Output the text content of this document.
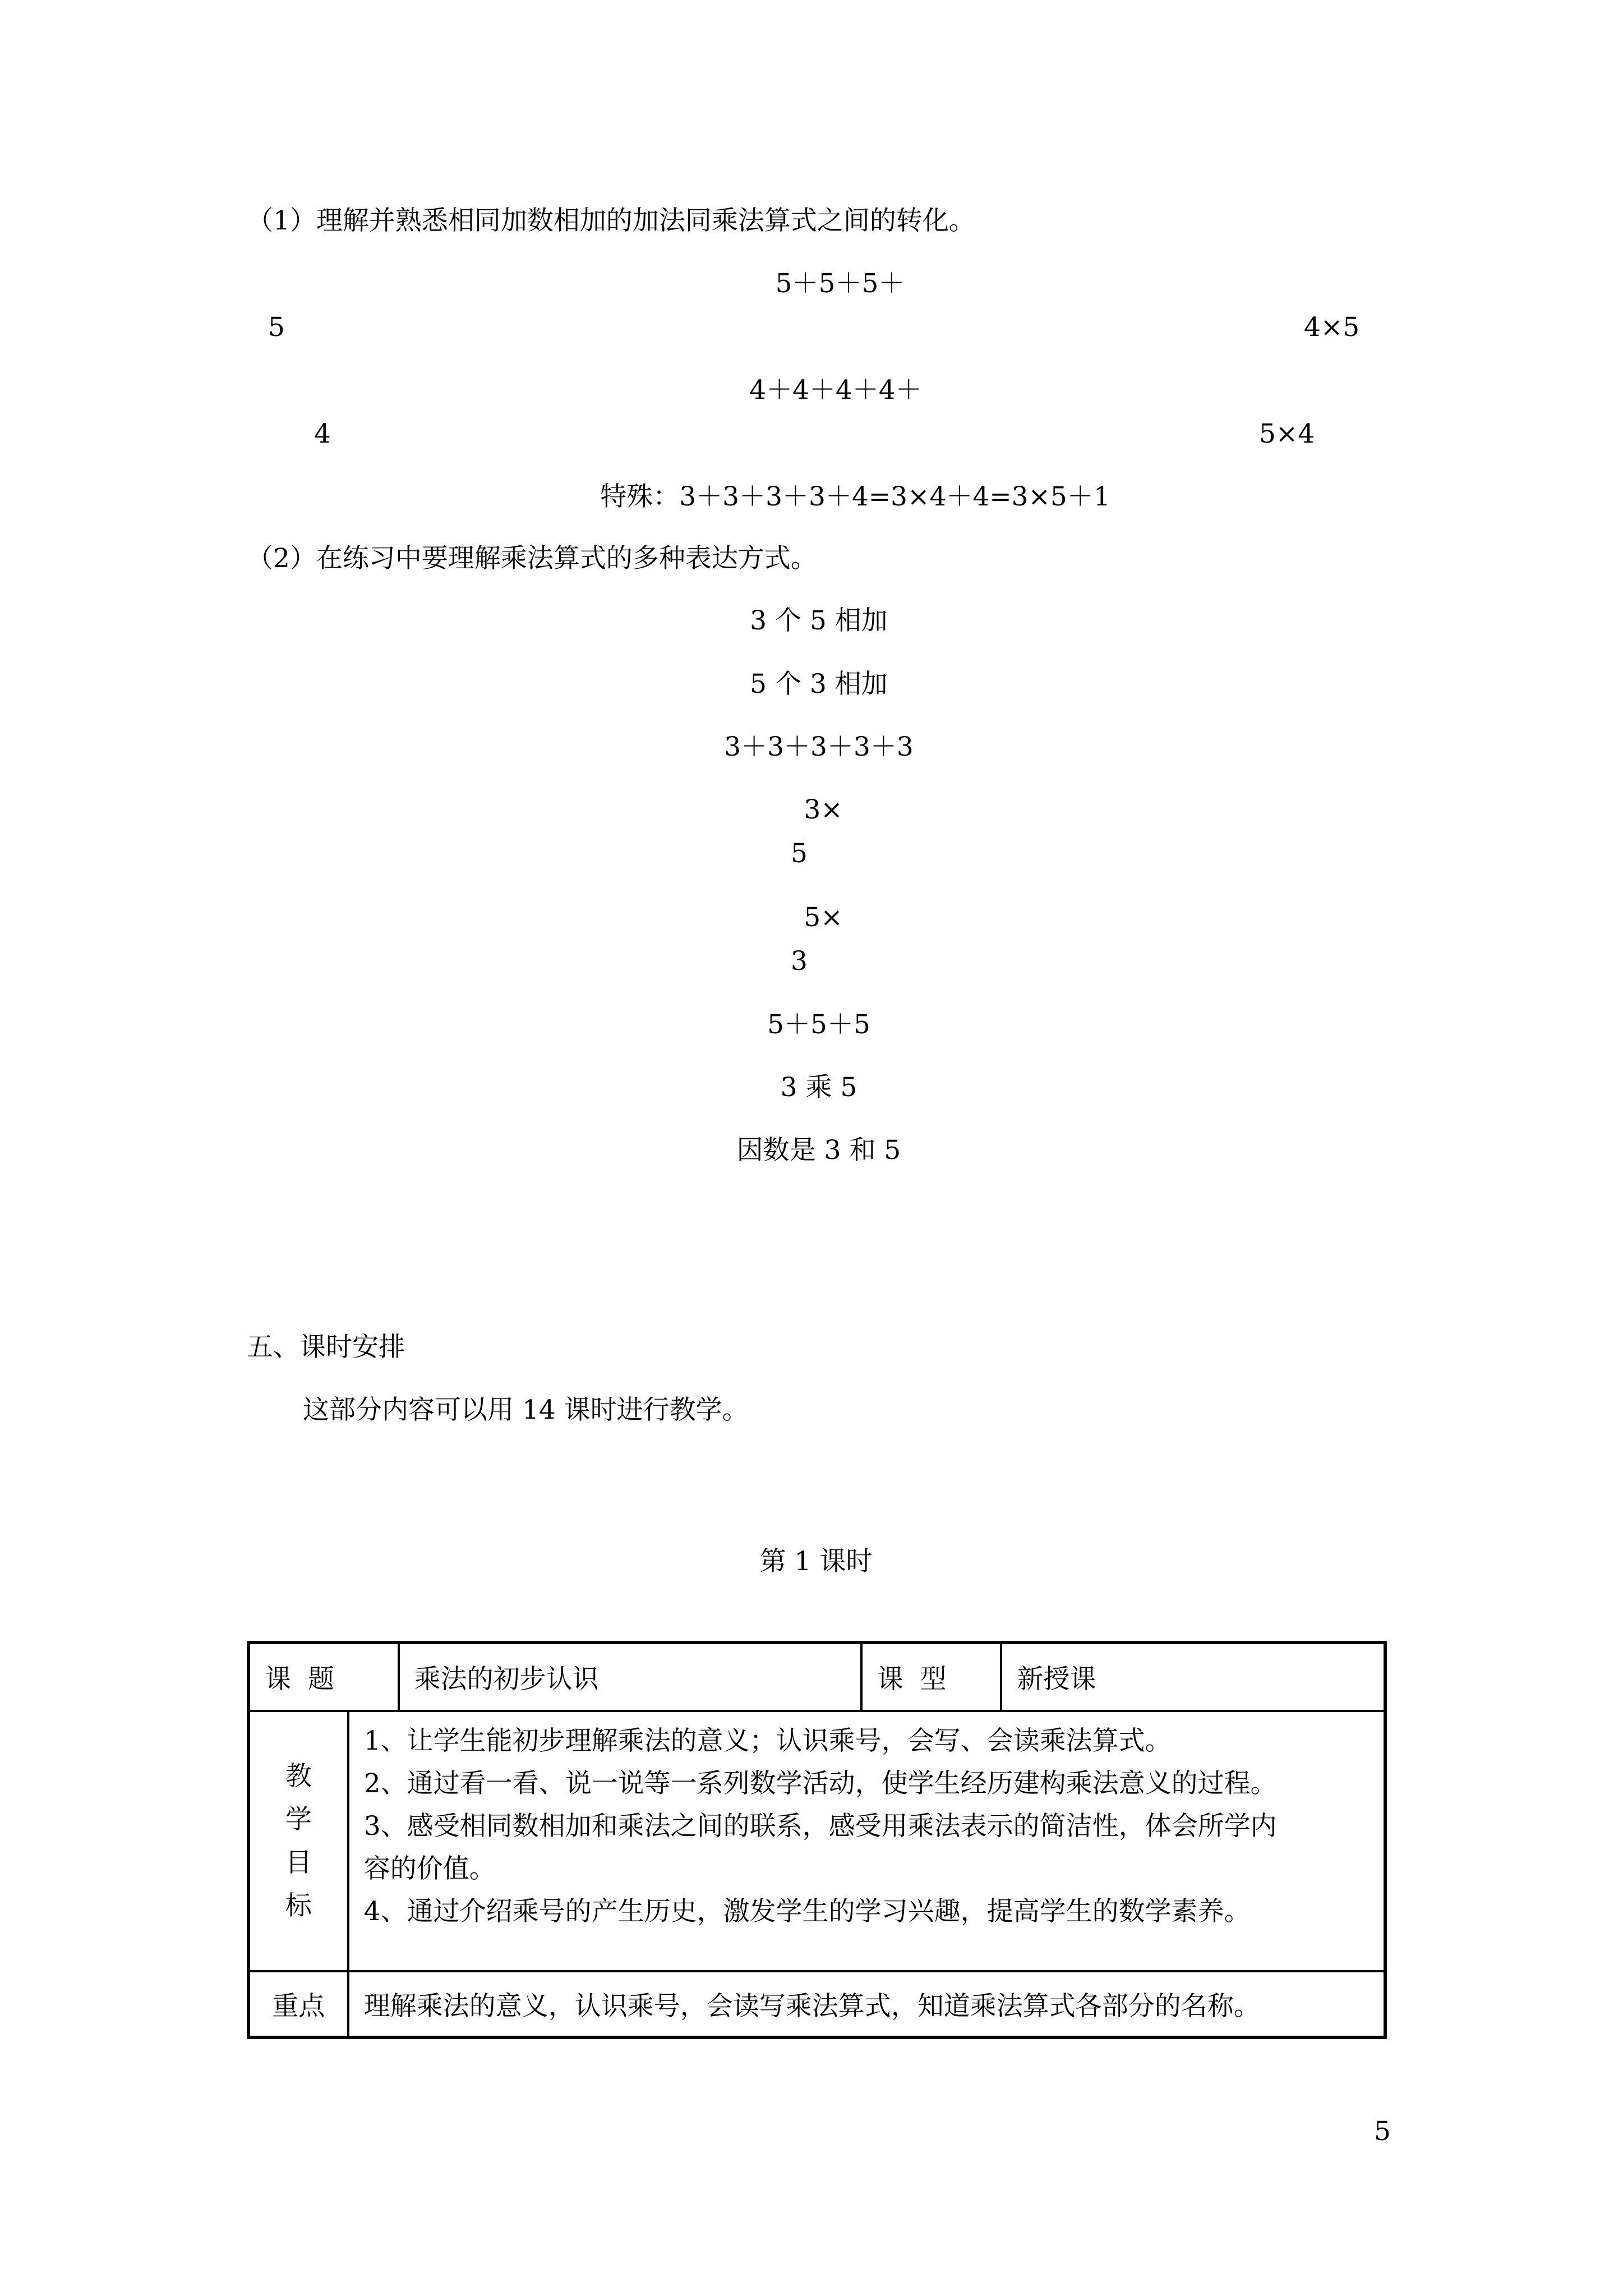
（1）理解并熟悉相同加数相加的加法同乘法算式之间的转化。
5＋5＋5＋
5	4×5
4＋4＋4＋4＋
4	5×4
特殊：3＋3＋3＋3＋4=3×4＋4=3×5＋1
（2）在练习中要理解乘法算式的多种表达方式。
3 个 5 相加
5 个 3 相加
3＋3＋3＋3＋3
3×
5
5×
3
5＋5＋5
3 乘 5
因数是 3 和 5
五、课时安排
这部分内容可以用 14 课时进行教学。
第 1 课时
课  题		乘法的初步认识	课  型	新授课

教
学
目
标	1、让学生能初步理解乘法的意义；认识乘号，会写、会读乘法算式。
2、通过看一看、说一说等一系列数学活动，使学生经历建构乘法意义的过程。
3、感受相同数相加和乘法之间的联系，感受用乘法表示的简洁性，体会所学内
容的价值。
4、通过介绍乘号的产生历史，激发学生的学习兴趣，提高学生的数学素养。			

重点	理解乘法的意义，认识乘号，会读写乘法算式，知道乘法算式各部分的名称。			
5
